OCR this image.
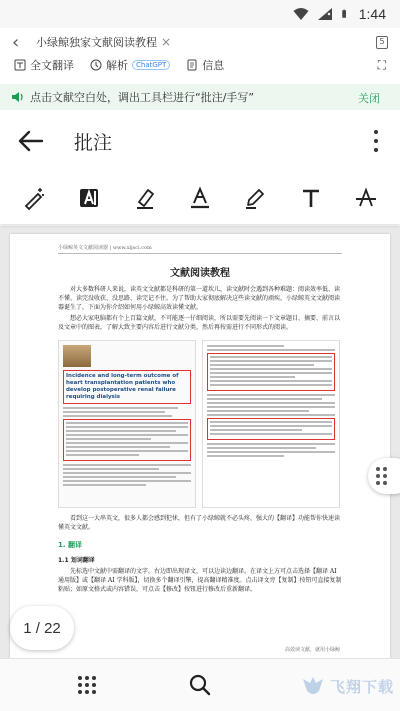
1:44
‹	小绿鲸独家文献阅读教程 ×	5
全文翻译	解析	ChatGPT	信息	⛶
点击文献空白处，调出工具栏进行“批注/手写”	关闭
批注
小绿鲸英文文献阅读器 | www.xljsci.com
文献阅读教程

对大多数科研人来说，读英文文献都是科研的第一道坎儿，读文献时会遇到各种难题：阅读效率低、读不懂、读完没收获、没思路、读完记不住。为了帮助大家彻底解决这些读文献的顽疾，小绿鲸英文文献阅读器诞生了，下面为你介绍如何用小绿鲸高效读懂文献。

想必大家电脑都有个上百篇文献，不可能逐一仔细阅读，所以需要先阅读一下文章题目、摘要、前言以及文章中的图表，了解大致主要内容后进行文献分类，然后再按需进行不同形式的阅读。

Incidence and long-term outcome of heart transplantation patients who develop postoperative renal failure requiring dialysis

看到这一大串英文，很多人都会感到犯怵，但有了小绿鲸就不必头疼，强大的【翻译】功能帮你快速读懂英文文献。

1. 翻译
1.1 划词翻译

先标选中文献中需翻译的文字，右边即出现译文，可以边读边翻译。在译文上方可点击选择【翻译 AI 通用版】或【翻译 AI 学科版】，切换多个翻译引擎，提高翻译精准度。点击译文旁【复制】按钮可直接复制粘贴；如原文格式或内容错误，可点击【修改】按钮进行修改后重新翻译。

高效读文献，就用小绿鲸
1 / 22
飞翔下载
